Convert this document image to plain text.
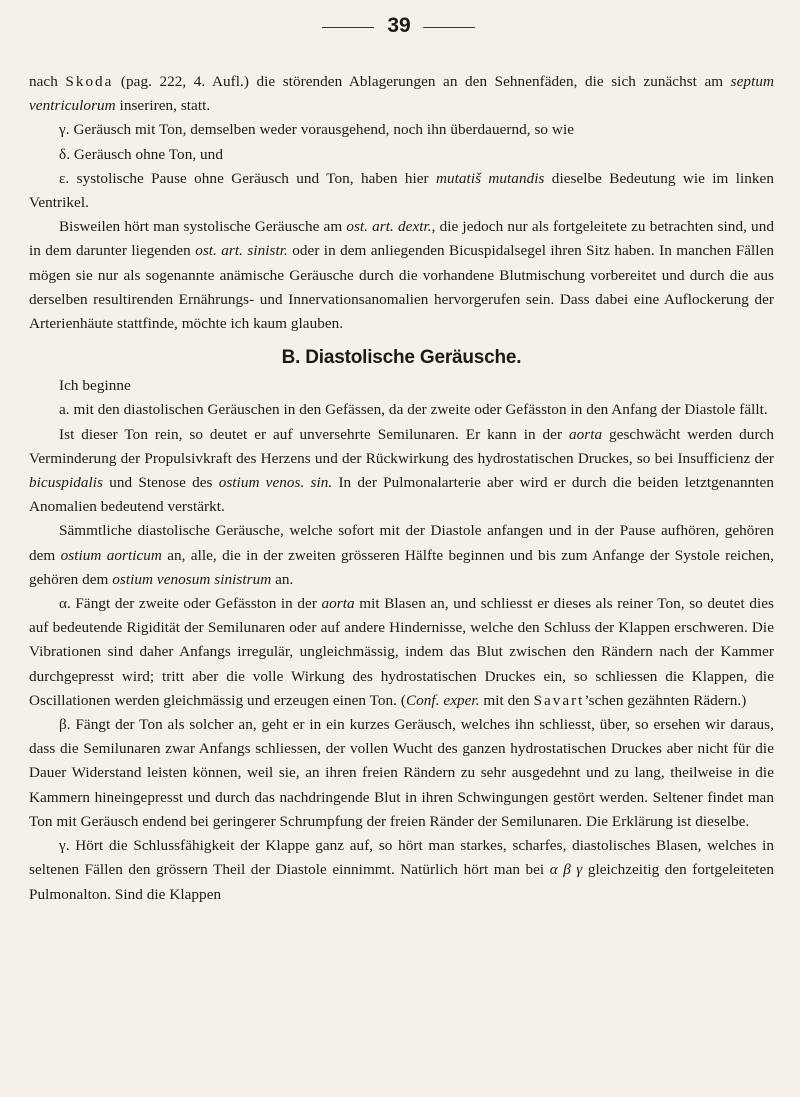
39

nach Skoda (pag. 222, 4. Aufl.) die störenden Ablagerungen an den Sehnenfäden, die sich zunächst am septum ventriculorum inseriren, statt.

γ. Geräusch mit Ton, demselben weder vorausgehend, noch ihn überdauernd, so wie

δ. Geräusch ohne Ton, und

ε. systolische Pause ohne Geräusch und Ton, haben hier mutatiš mutandis dieselbe Bedeutung wie im linken Ventrikel.

Bisweilen hört man systolische Geräusche am ost. art. dextr., die jedoch nur als fortgeleitete zu betrachten sind, und in dem darunter liegenden ost. art. sinistr. oder in dem anliegenden Bicuspidalsegel ihren Sitz haben. In manchen Fällen mögen sie nur als sogenannte anämische Geräusche durch die vorhandene Blutmischung vorbereitet und durch die aus derselben resultirenden Ernährungs- und Innervationsanomalien hervorgerufen sein. Dass dabei eine Auflockerung der Arterienhäute stattfinde, möchte ich kaum glauben.

B. Diastolische Geräusche.

Ich beginne

a. mit den diastolischen Geräuschen in den Gefässen, da der zweite oder Gefässton in den Anfang der Diastole fällt.

Ist dieser Ton rein, so deutet er auf unversehrte Semilunaren. Er kann in der aorta geschwächt werden durch Verminderung der Propulsivkraft des Herzens und der Rückwirkung des hydrostatischen Druckes, so bei Insufficienz der bicuspidalis und Stenose des ostium venos. sin. In der Pulmonalarterie aber wird er durch die beiden letztgenannten Anomalien bedeutend verstärkt.

Sämmtliche diastolische Geräusche, welche sofort mit der Diastole anfangen und in der Pause aufhören, gehören dem ostium aorticum an, alle, die in der zweiten grösseren Hälfte beginnen und bis zum Anfange der Systole reichen, gehören dem ostium venosum sinistrum an.

α. Fängt der zweite oder Gefässton in der aorta mit Blasen an, und schliesst er dieses als reiner Ton, so deutet dies auf bedeutende Rigidität der Semilunaren oder auf andere Hindernisse, welche den Schluss der Klappen erschweren. Die Vibrationen sind daher Anfangs irregulär, ungleichmässig, indem das Blut zwischen den Rändern nach der Kammer durchgepresst wird; tritt aber die volle Wirkung des hydrostatischen Druckes ein, so schliessen die Klappen, die Oscillationen werden gleichmässig und erzeugen einen Ton. (Conf. exper. mit den Savart’schen gezähnten Rädern.)

β. Fängt der Ton als solcher an, geht er in ein kurzes Geräusch, welches ihn schliesst, über, so ersehen wir daraus, dass die Semilunaren zwar Anfangs schliessen, der vollen Wucht des ganzen hydrostatischen Druckes aber nicht für die Dauer Widerstand leisten können, weil sie, an ihren freien Rändern zu sehr ausgedehnt und zu lang, theilweise in die Kammern hineingepresst und durch das nachdringende Blut in ihren Schwingungen gestört werden. Seltener findet man Ton mit Geräusch endend bei geringerer Schrumpfung der freien Ränder der Semilunaren. Die Erklärung ist dieselbe.

γ. Hört die Schlussfähigkeit der Klappe ganz auf, so hört man starkes, scharfes, diastolisches Blasen, welches in seltenen Fällen den grössern Theil der Diastole einnimmt. Natürlich hört man bei α β γ gleichzeitig den fortgeleiteten Pulmonalton. Sind die Klappen
